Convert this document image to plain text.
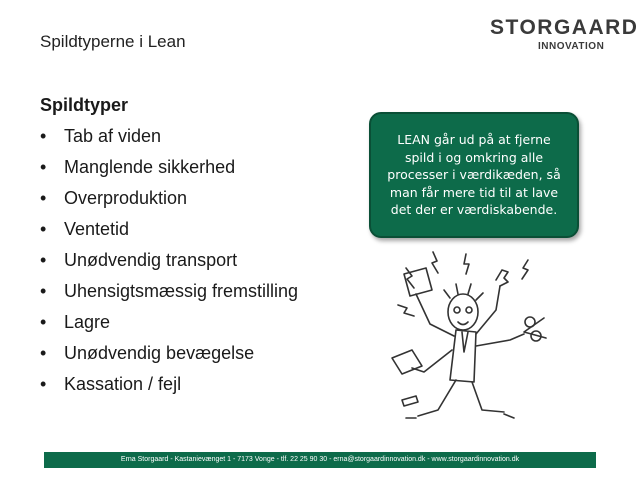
Spildtyperne i Lean
STORGAARD
INNOVATION
Spildtyper
• Tab af viden
• Manglende sikkerhed
• Overproduktion
• Ventetid
• Unødvendig transport
• Uhensigtsmæssig fremstilling
• Lagre
• Unødvendig bevægelse
• Kassation / fejl
LEAN går ud på at fjerne spild i og omkring alle processer i værdikæden, så man får mere tid til at lave det der er værdiskabende.
Erna Storgaard - Kastanievænget 1 - 7173 Vonge - tlf. 22 25 90 30 - erna@storgaardinnovation.dk - www.storgaardinnovation.dk
